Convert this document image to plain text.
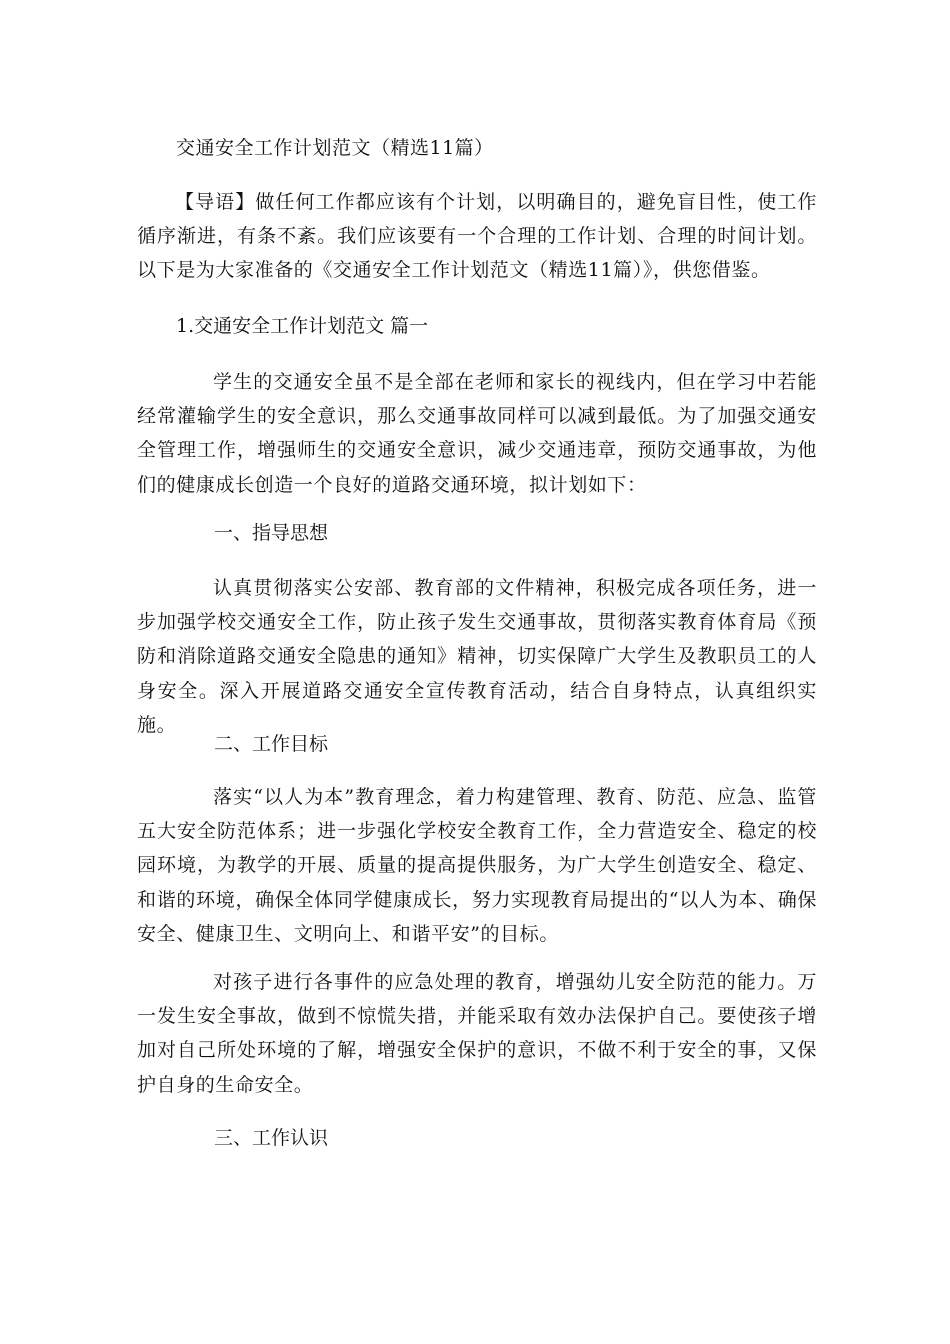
交通安全工作计划范文（精选11篇）

【导语】做任何工作都应该有个计划，以明确目的，避免盲目性，使工作循序渐进，有条不紊。我们应该要有一个合理的工作计划、合理的时间计划。以下是为大家准备的《交通安全工作计划范文（精选11篇）》，供您借鉴。

1.交通安全工作计划范文 篇一

学生的交通安全虽不是全部在老师和家长的视线内，但在学习中若能经常灌输学生的安全意识，那么交通事故同样可以减到最低。为了加强交通安全管理工作，增强师生的交通安全意识，减少交通违章，预防交通事故，为他们的健康成长创造一个良好的道路交通环境，拟计划如下：

一、指导思想

认真贯彻落实公安部、教育部的文件精神，积极完成各项任务，进一步加强学校交通安全工作，防止孩子发生交通事故，贯彻落实教育体育局《预防和消除道路交通安全隐患的通知》精神，切实保障广大学生及教职员工的人身安全。深入开展道路交通安全宣传教育活动，结合自身特点，认真组织实施。

二、工作目标

落实“以人为本”教育理念，着力构建管理、教育、防范、应急、监管五大安全防范体系；进一步强化学校安全教育工作，全力营造安全、稳定的校园环境，为教学的开展、质量的提高提供服务，为广大学生创造安全、稳定、和谐的环境，确保全体同学健康成长，努力实现教育局提出的“以人为本、确保安全、健康卫生、文明向上、和谐平安”的目标。

对孩子进行各事件的应急处理的教育，增强幼儿安全防范的能力。万一发生安全事故，做到不惊慌失措，并能采取有效办法保护自己。要使孩子增加对自己所处环境的了解，增强安全保护的意识，不做不利于安全的事，又保护自身的生命安全。

三、工作认识
